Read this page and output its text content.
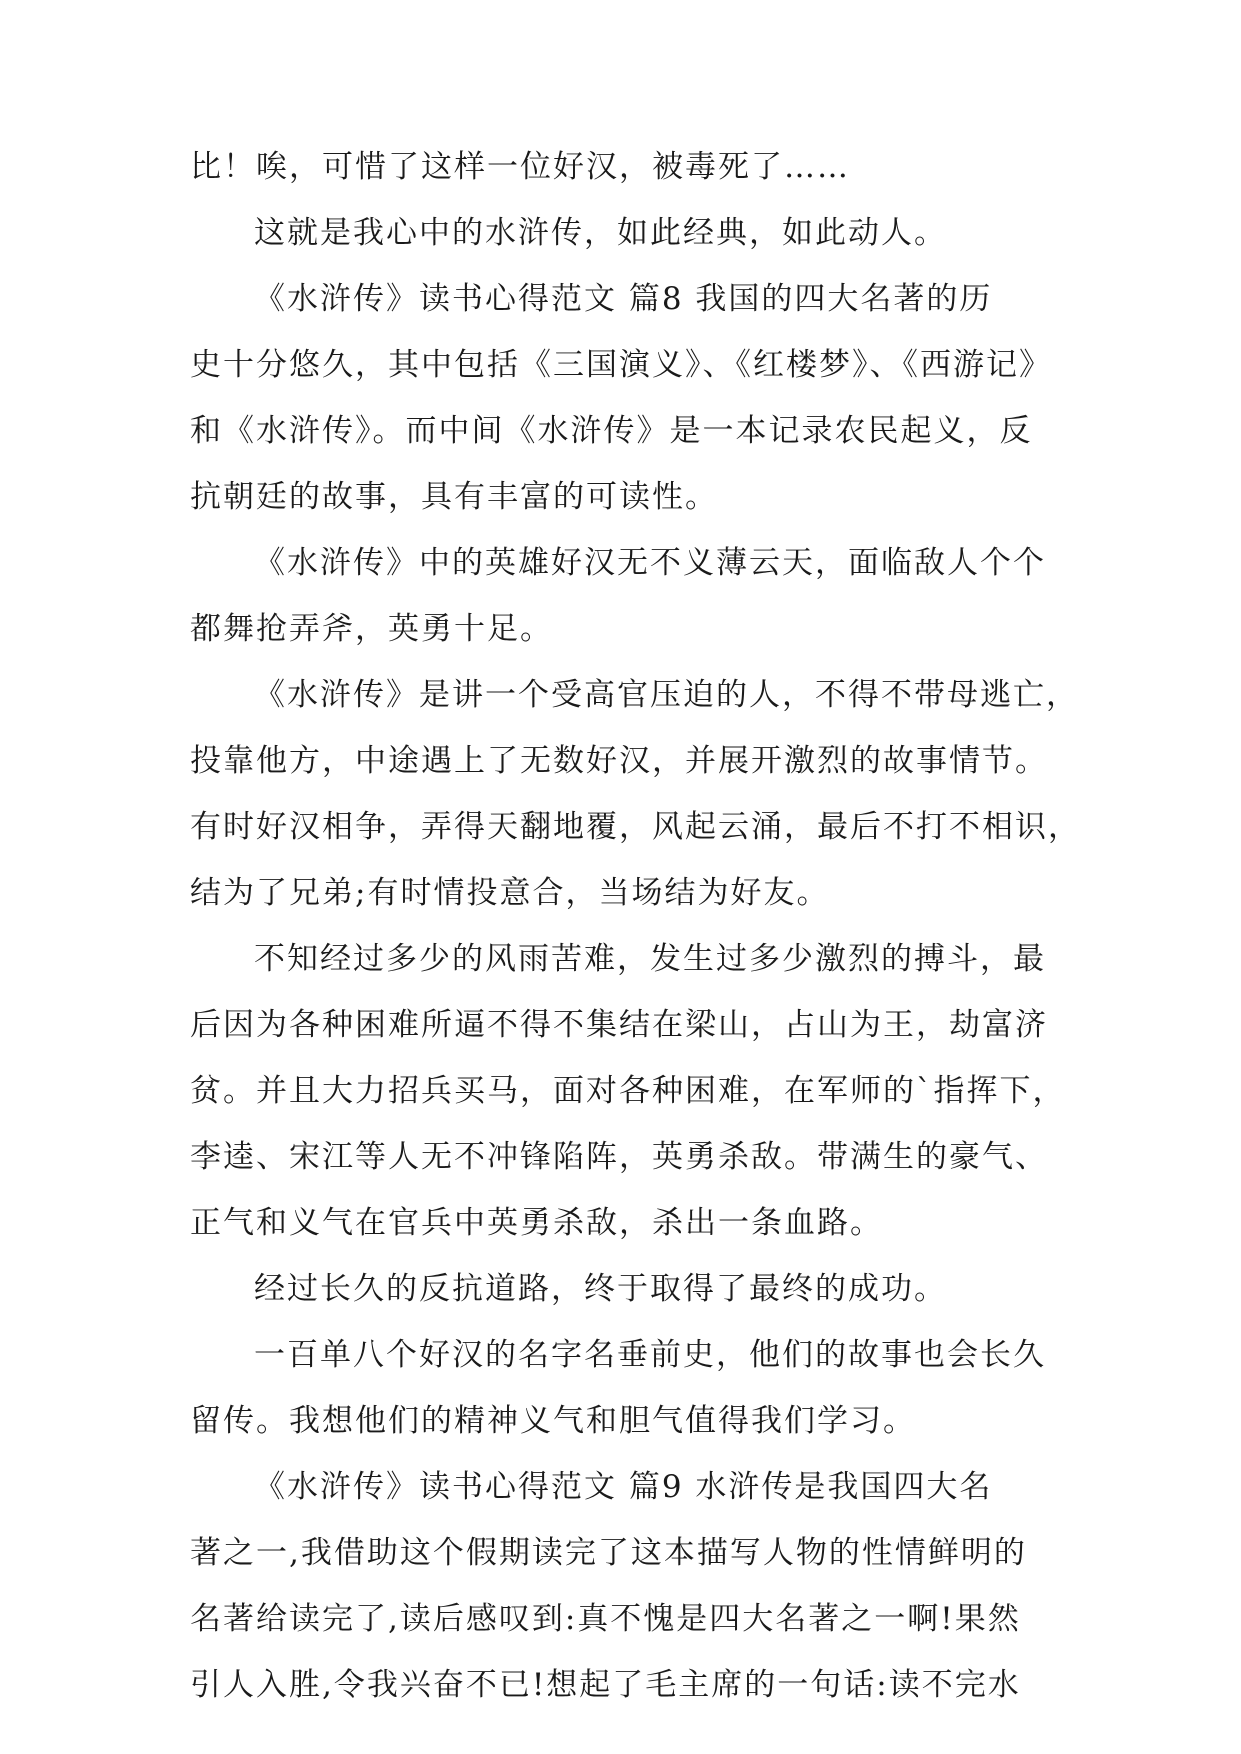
比！唉，可惜了这样一位好汉，被毒死了……
这就是我心中的水浒传，如此经典，如此动人。
《水浒传》读书心得范文 篇8 我国的四大名著的历
史十分悠久，其中包括《三国演义》、《红楼梦》、《西游记》
和《水浒传》。而中间《水浒传》是一本记录农民起义，反
抗朝廷的故事，具有丰富的可读性。
《水浒传》中的英雄好汉无不义薄云天，面临敌人个个
都舞抢弄斧，英勇十足。
《水浒传》是讲一个受高官压迫的人，不得不带母逃亡，
投靠他方，中途遇上了无数好汉，并展开激烈的故事情节。
有时好汉相争，弄得天翻地覆，风起云涌，最后不打不相识，
结为了兄弟;有时情投意合，当场结为好友。
不知经过多少的风雨苦难，发生过多少激烈的搏斗，最
后因为各种困难所逼不得不集结在梁山，占山为王，劫富济
贫。并且大力招兵买马，面对各种困难，在军师的`指挥下，
李逵、宋江等人无不冲锋陷阵，英勇杀敌。带满生的豪气、
正气和义气在官兵中英勇杀敌，杀出一条血路。
经过长久的反抗道路，终于取得了最终的成功。
一百单八个好汉的名字名垂前史，他们的故事也会长久
留传。我想他们的精神义气和胆气值得我们学习。
《水浒传》读书心得范文 篇9 水浒传是我国四大名
著之一,我借助这个假期读完了这本描写人物的性情鲜明的
名著给读完了,读后感叹到:真不愧是四大名著之一啊!果然
引人入胜,令我兴奋不已!想起了毛主席的一句话:读不完水
